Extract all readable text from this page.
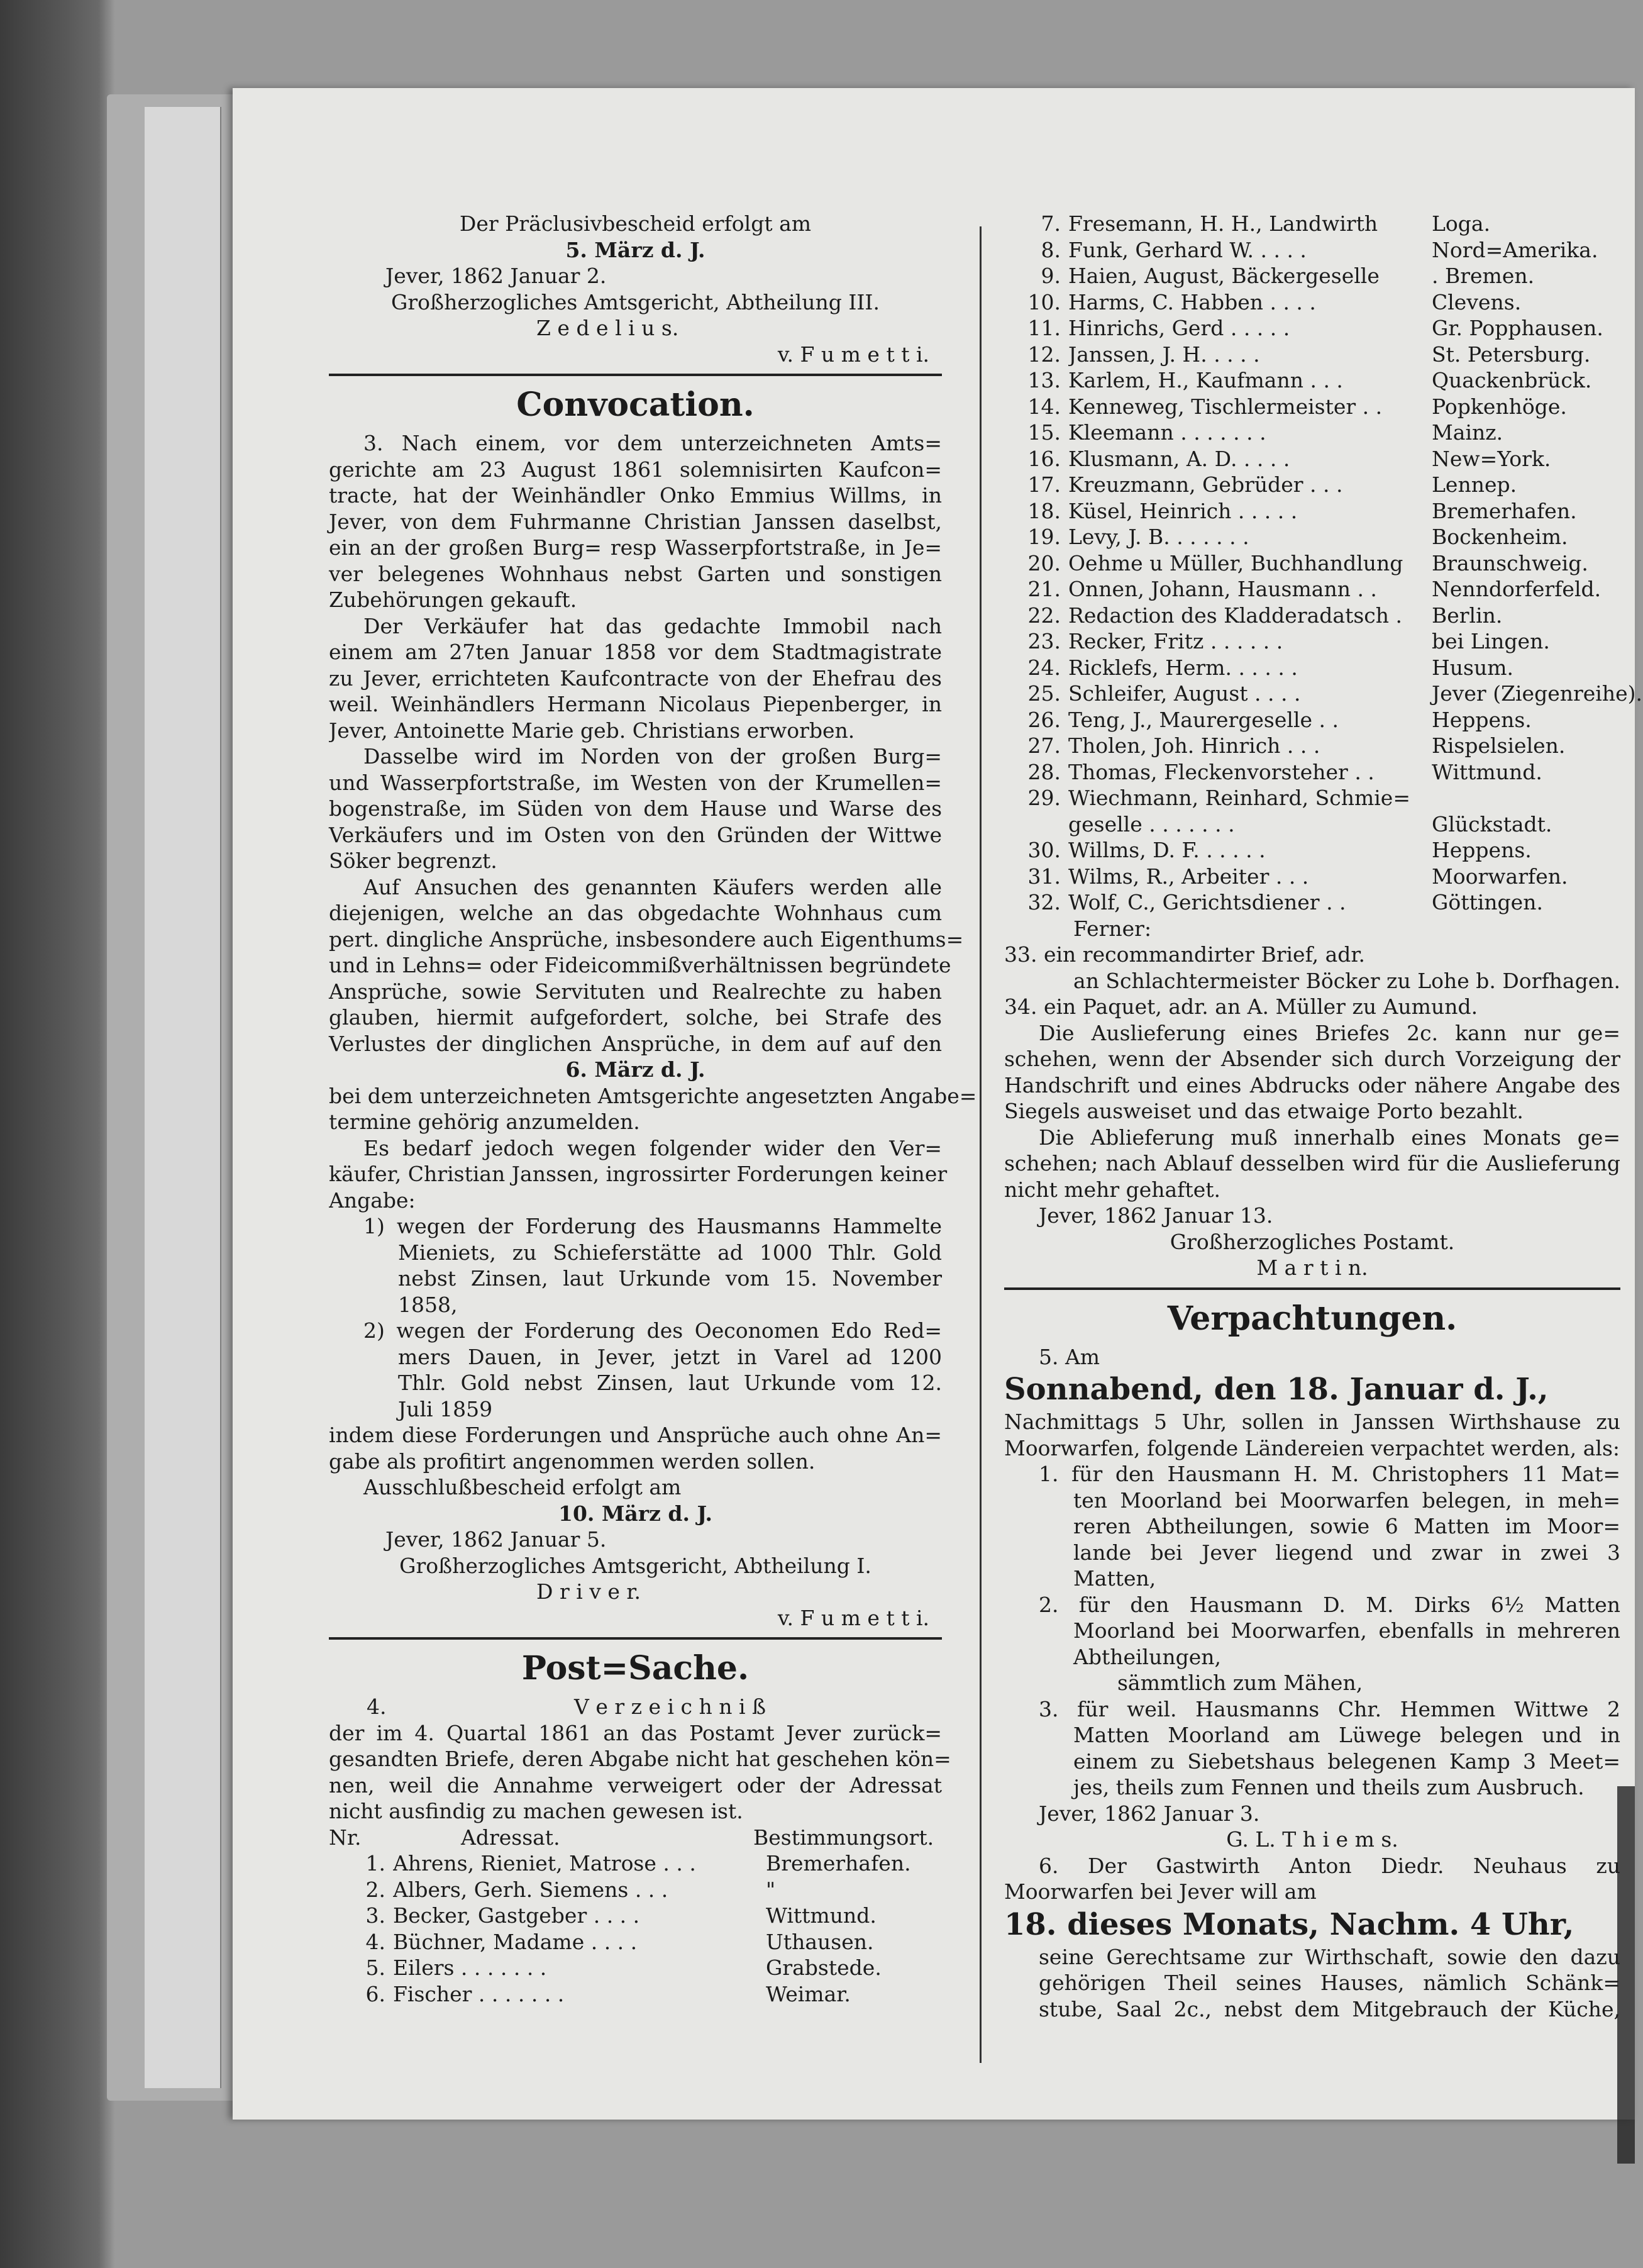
Der Präclusivbescheid erfolgt am
5. März d. J.
Jever, 1862 Januar 2.
Großherzogliches Amtsgericht, Abtheilung III.
Z e d e l i u s.
v. F u m e t t i.
Convocation.
3. Nach einem, vor dem unterzeichneten Amts=
gerichte am 23 August 1861 solemnisirten Kaufcon=
tracte, hat der Weinhändler Onko Emmius Willms, in
Jever, von dem Fuhrmanne Christian Janssen daselbst,
ein an der großen Burg= resp Wasserpfortstraße, in Je=
ver belegenes Wohnhaus nebst Garten und sonstigen
Zubehörungen gekauft.
Der Verkäufer hat das gedachte Immobil nach
einem am 27ten Januar 1858 vor dem Stadtmagistrate
zu Jever, errichteten Kaufcontracte von der Ehefrau des
weil. Weinhändlers Hermann Nicolaus Piepenberger, in
Jever, Antoinette Marie geb. Christians erworben.
Dasselbe wird im Norden von der großen Burg=
und Wasserpfortstraße, im Westen von der Krumellen=
bogenstraße, im Süden von dem Hause und Warse des
Verkäufers und im Osten von den Gründen der Wittwe
Söker begrenzt.
Auf Ansuchen des genannten Käufers werden alle
diejenigen, welche an das obgedachte Wohnhaus cum
pert. dingliche Ansprüche, insbesondere auch Eigenthums=
und in Lehns= oder Fideicommißverhältnissen begründete
Ansprüche, sowie Servituten und Realrechte zu haben
glauben, hiermit aufgefordert, solche, bei Strafe des
Verlustes der dinglichen Ansprüche, in dem auf auf den
6. März d. J.
bei dem unterzeichneten Amtsgerichte angesetzten Angabe=
termine gehörig anzumelden.
Es bedarf jedoch wegen folgender wider den Ver=
käufer, Christian Janssen, ingrossirter Forderungen keiner
Angabe:
1) wegen der Forderung des Hausmanns Hammelte
Mieniets, zu Schieferstätte ad 1000 Thlr. Gold
nebst Zinsen, laut Urkunde vom 15. November
1858,
2) wegen der Forderung des Oeconomen Edo Red=
mers Dauen, in Jever, jetzt in Varel ad 1200
Thlr. Gold nebst Zinsen, laut Urkunde vom 12.
Juli 1859
indem diese Forderungen und Ansprüche auch ohne An=
gabe als profitirt angenommen werden sollen.
Ausschlußbescheid erfolgt am
10. März d. J.
Jever, 1862 Januar 5.
Großherzogliches Amtsgericht, Abtheilung I.
D r i v e r.
v. F u m e t t i.
Post=Sache.
4.	V e r z e i c h n i ß
der im 4. Quartal 1861 an das Postamt Jever zurück=
gesandten Briefe, deren Abgabe nicht hat geschehen kön=
nen, weil die Annahme verweigert oder der Adressat
nicht ausfindig zu machen gewesen ist.
Nr.	Adressat.	Bestimmungsort.
1. Ahrens, Rieniet, Matrose . . .	Bremerhafen.
2. Albers, Gerh. Siemens . . .	"
3. Becker, Gastgeber . . . .	Wittmund.
4. Büchner, Madame . . . .	Uthausen.
5. Eilers . . . . . . .	Grabstede.
6. Fischer . . . . . . .	Weimar.
7. Fresemann, H. H., Landwirth	Loga.
8. Funk, Gerhard W. . . . .	Nord=Amerika.
9. Haien, August, Bäckergeselle	. Bremen.
10. Harms, C. Habben . . . .	Clevens.
11. Hinrichs, Gerd . . . . .	Gr. Popphausen.
12. Janssen, J. H. . . . .	St. Petersburg.
13. Karlem, H., Kaufmann . . .	Quackenbrück.
14. Kenneweg, Tischlermeister . .	Popkenhöge.
15. Kleemann . . . . . . .	Mainz.
16. Klusmann, A. D. . . . .	New=York.
17. Kreuzmann, Gebrüder . . .	Lennep.
18. Küsel, Heinrich . . . . .	Bremerhafen.
19. Levy, J. B. . . . . . .	Bockenheim.
20. Oehme u Müller, Buchhandlung	Braunschweig.
21. Onnen, Johann, Hausmann . .	Nenndorferfeld.
22. Redaction des Kladderadatsch .	Berlin.
23. Recker, Fritz . . . . . .	bei Lingen.
24. Ricklefs, Herm. . . . . .	Husum.
25. Schleifer, August . . . .	Jever (Ziegenreihe).
26. Teng, J., Maurergeselle . .	Heppens.
27. Tholen, Joh. Hinrich . . .	Rispelsielen.
28. Thomas, Fleckenvorsteher . .	Wittmund.
29. Wiechmann, Reinhard, Schmie=
geselle . . . . . . .	Glückstadt.
30. Willms, D. F. . . . . .	Heppens.
31. Wilms, R., Arbeiter . . .	Moorwarfen.
32. Wolf, C., Gerichtsdiener . .	Göttingen.
Ferner:
33. ein recommandirter Brief, adr.
an Schlachtermeister Böcker zu Lohe b. Dorfhagen.
34. ein Paquet, adr. an A. Müller zu Aumund.
Die Auslieferung eines Briefes 2c. kann nur ge=
schehen, wenn der Absender sich durch Vorzeigung der
Handschrift und eines Abdrucks oder nähere Angabe des
Siegels ausweiset und das etwaige Porto bezahlt.
Die Ablieferung muß innerhalb eines Monats ge=
schehen; nach Ablauf desselben wird für die Auslieferung
nicht mehr gehaftet.
Jever, 1862 Januar 13.
Großherzogliches Postamt.
M a r t i n.
Verpachtungen.
5. Am
Sonnabend, den 18. Januar d. J.,
Nachmittags 5 Uhr, sollen in Janssen Wirthshause zu
Moorwarfen, folgende Ländereien verpachtet werden, als:
1. für den Hausmann H. M. Christophers 11 Mat=
ten Moorland bei Moorwarfen belegen, in meh=
reren Abtheilungen, sowie 6 Matten im Moor=
lande bei Jever liegend und zwar in zwei 3
Matten,
2. für den Hausmann D. M. Dirks 6½ Matten
Moorland bei Moorwarfen, ebenfalls in mehreren
Abtheilungen,
sämmtlich zum Mähen,
3. für weil. Hausmanns Chr. Hemmen Wittwe 2
Matten Moorland am Lüwege belegen und in
einem zu Siebetshaus belegenen Kamp 3 Meet=
jes, theils zum Fennen und theils zum Ausbruch.
Jever, 1862 Januar 3.
G. L. T h i e m s.
6. Der Gastwirth Anton Diedr. Neuhaus zu
Moorwarfen bei Jever will am
18. dieses Monats, Nachm. 4 Uhr,
seine Gerechtsame zur Wirthschaft, sowie den dazu
gehörigen Theil seines Hauses, nämlich Schänk=
stube, Saal 2c., nebst dem Mitgebrauch der Küche,
